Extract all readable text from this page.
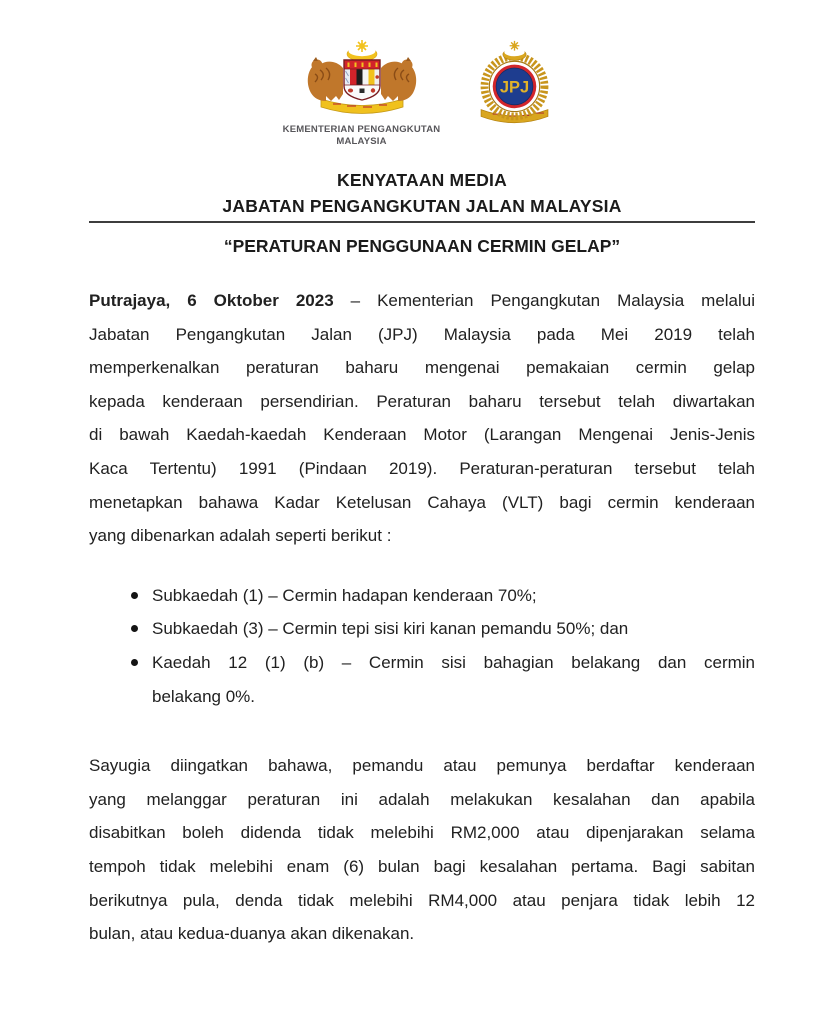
KEMENTERIAN PENGANGKUTAN
MALAYSIA
JPJ
KENYATAAN MEDIA
JABATAN PENGANGKUTAN JALAN MALAYSIA
“PERATURAN PENGGUNAAN CERMIN GELAP”
Putrajaya, 6 Oktober 2023 – Kementerian Pengangkutan Malaysia melalui
Jabatan Pengangkutan Jalan (JPJ) Malaysia pada Mei 2019 telah
memperkenalkan peraturan baharu mengenai pemakaian cermin gelap
kepada kenderaan persendirian. Peraturan baharu tersebut telah diwartakan
di bawah Kaedah-kaedah Kenderaan Motor (Larangan Mengenai Jenis-Jenis
Kaca Tertentu) 1991 (Pindaan 2019). Peraturan-peraturan tersebut telah
menetapkan bahawa Kadar Ketelusan Cahaya (VLT) bagi cermin kenderaan
yang dibenarkan adalah seperti berikut :
Subkaedah (1) – Cermin hadapan kenderaan 70%;
Subkaedah (3) – Cermin tepi sisi kiri kanan pemandu 50%; dan
Kaedah 12 (1) (b) – Cermin sisi bahagian belakang dan cermin
belakang 0%.
Sayugia diingatkan bahawa, pemandu atau pemunya berdaftar kenderaan
yang melanggar peraturan ini adalah melakukan kesalahan dan apabila
disabitkan boleh didenda tidak melebihi RM2,000 atau dipenjarakan selama
tempoh tidak melebihi enam (6) bulan bagi kesalahan pertama. Bagi sabitan
berikutnya pula, denda tidak melebihi RM4,000 atau penjara tidak lebih 12
bulan, atau kedua-duanya akan dikenakan.
